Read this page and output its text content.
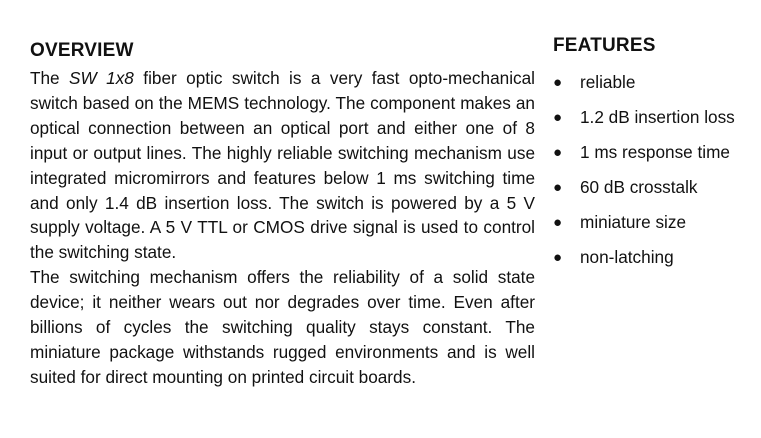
OVERVIEW

The SW 1x8 fiber optic switch is a very fast opto-mechanical switch based on the MEMS technology. The component makes an optical connection between an optical port and either one of 8 input or output lines. The highly reliable switching mechanism use integrated micromirrors and features below 1 ms switching time and only 1.4 dB insertion loss. The switch is powered by a 5 V supply voltage. A 5 V TTL or CMOS drive signal is used to control the switching state.

The switching mechanism offers the reliability of a solid state device; it neither wears out nor degrades over time. Even after billions of cycles the switching quality stays constant. The miniature package withstands rugged environments and is well suited for direct mounting on printed circuit boards.

FEATURES
● reliable
● 1.2 dB insertion loss
● 1 ms response time
● 60 dB crosstalk
● miniature size
● non-latching
